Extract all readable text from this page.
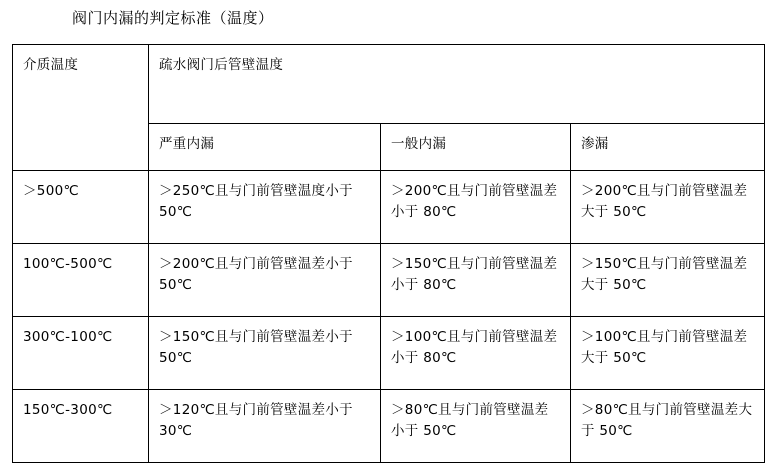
阀门内漏的判定标准（温度）
介质温度	疏水阀门后管壁温度		
	严重内漏	一般内漏	渗漏
＞500℃	＞250℃且与门前管壁温度小于 50℃	＞200℃且与门前管壁温差小于 80℃	＞200℃且与门前管壁温差大于 50℃
100℃-500℃	＞200℃且与门前管壁温差小于 50℃	＞150℃且与门前管壁温差小于 80℃	＞150℃且与门前管壁温差大于 50℃
300℃-100℃	＞150℃且与门前管壁温差小于 50℃	＞100℃且与门前管壁温差小于 80℃	＞100℃且与门前管壁温差大于 50℃
150℃-300℃	＞120℃且与门前管壁温差小于 30℃	＞80℃且与门前管壁温差小于 50℃	＞80℃且与门前管壁温差大于 50℃
